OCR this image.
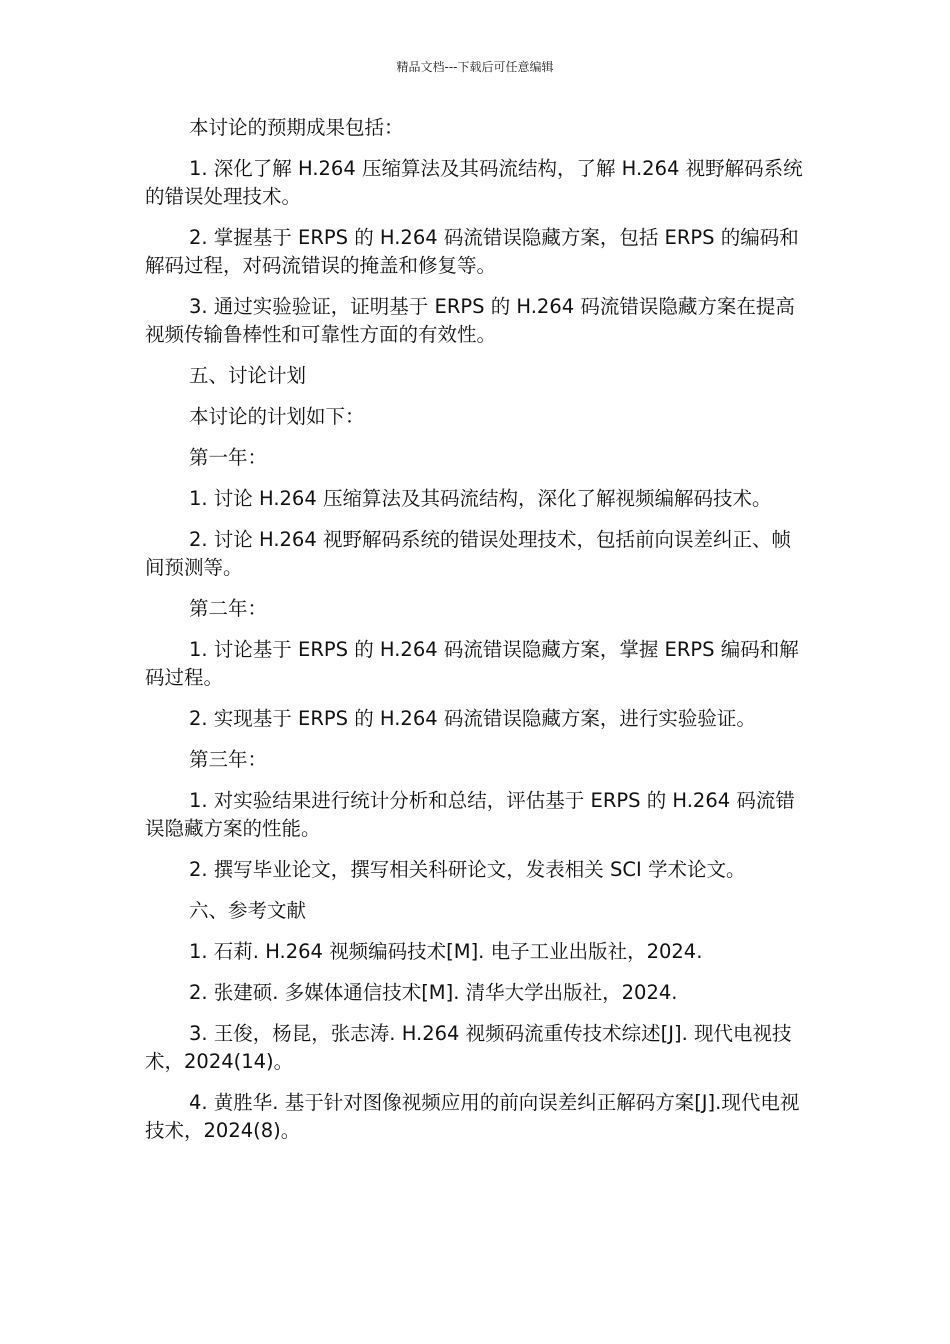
精品文档---下载后可任意编辑

本讨论的预期成果包括：

1. 深化了解 H.264 压缩算法及其码流结构，了解 H.264 视野解码系统的错误处理技术。

2. 掌握基于 ERPS 的 H.264 码流错误隐藏方案，包括 ERPS 的编码和解码过程，对码流错误的掩盖和修复等。

3. 通过实验验证，证明基于 ERPS 的 H.264 码流错误隐藏方案在提高视频传输鲁棒性和可靠性方面的有效性。

五、讨论计划

本讨论的计划如下：

第一年：

1. 讨论 H.264 压缩算法及其码流结构，深化了解视频编解码技术。

2. 讨论 H.264 视野解码系统的错误处理技术，包括前向误差纠正、帧间预测等。

第二年：

1. 讨论基于 ERPS 的 H.264 码流错误隐藏方案，掌握 ERPS 编码和解码过程。

2. 实现基于 ERPS 的 H.264 码流错误隐藏方案，进行实验验证。

第三年：

1. 对实验结果进行统计分析和总结，评估基于 ERPS 的 H.264 码流错误隐藏方案的性能。

2. 撰写毕业论文，撰写相关科研论文，发表相关 SCI 学术论文。

六、参考文献

1. 石莉. H.264 视频编码技术[M]. 电子工业出版社，2024.

2. 张建硕. 多媒体通信技术[M]. 清华大学出版社，2024.

3. 王俊，杨昆，张志涛. H.264 视频码流重传技术综述[J]. 现代电视技术，2024(14)。

4. 黄胜华. 基于针对图像视频应用的前向误差纠正解码方案[J].现代电视技术，2024(8)。
